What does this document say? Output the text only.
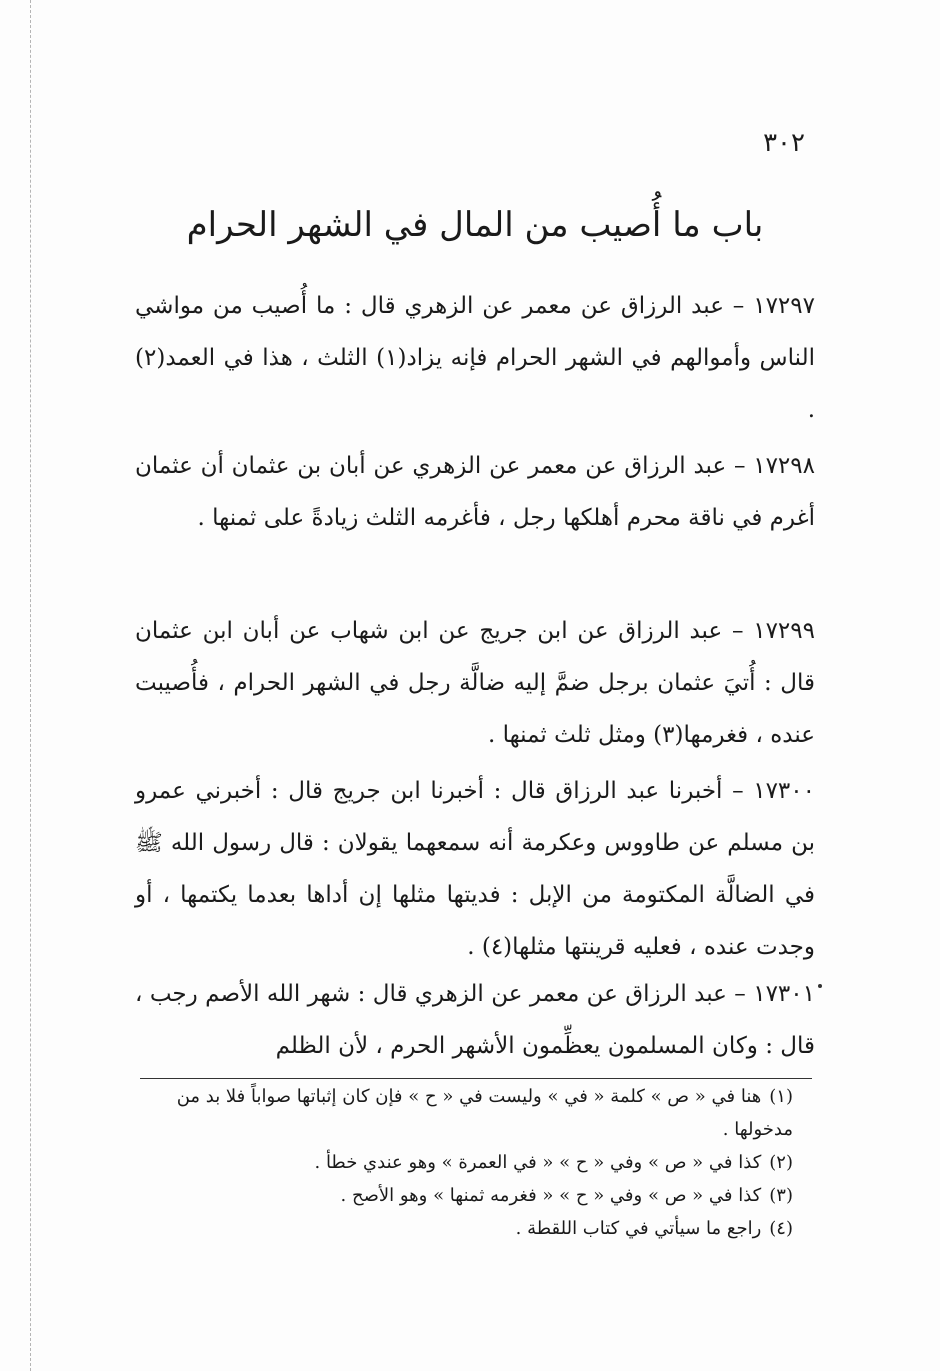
٣٠٢
باب ما أُصيب من المال في الشهر الحرام
١٧٢٩٧ – عبد الرزاق عن معمر عن الزهري قال : ما أُصيب من مواشي الناس وأموالهم في الشهر الحرام فإنه يزاد(١) الثلث ، هذا في العمد(٢) .
١٧٢٩٨ – عبد الرزاق عن معمر عن الزهري عن أبان بن عثمان أن عثمان أغرم في ناقة محرم أهلكها رجل ، فأغرمه الثلث زيادةً على ثمنها .
١٧٢٩٩ – عبد الرزاق عن ابن جريج عن ابن شهاب عن أبان ابن عثمان قال : أُتيَ عثمان برجل ضمَّ إليه ضالَّة رجل في الشهر الحرام ، فأُصيبت عنده ، فغرمها(٣) ومثل ثلث ثمنها .
١٧٣٠٠ – أخبرنا عبد الرزاق قال : أخبرنا ابن جريج قال : أخبرني عمرو بن مسلم عن طاووس وعكرمة أنه سمعهما يقولان : قال رسول الله ﷺ في الضالَّة المكتومة من الإبل : فديتها مثلها إن أداها بعدما يكتمها ، أو وجدت عنده ، فعليه قرينتها مثلها(٤) .
١٧٣٠١ – عبد الرزاق عن معمر عن الزهري قال : شهر الله الأصم رجب ، قال : وكان المسلمون يعظِّمون الأشهر الحرم ، لأن الظلم

(١)هنا في « ص » كلمة « في » وليست في « ح » فإن كان إثباتها صواباً فلا بد من مدخولها .

(٢)كذا في « ص » وفي « ح » « في العمرة » وهو عندي خطأ .

(٣)كذا في « ص » وفي « ح » « فغرمه ثمنها » وهو الأصح .

(٤)راجع ما سيأتي في كتاب اللقطة .
